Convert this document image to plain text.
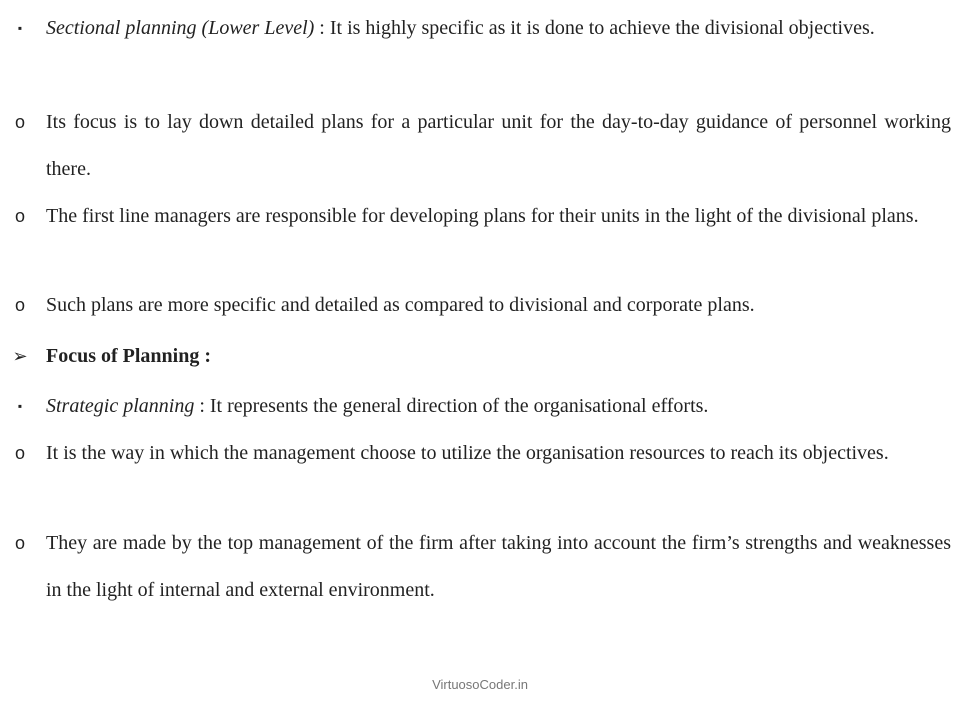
▪	Sectional planning (Lower Level) : It is highly specific as it is done to achieve the divisional objectives.
o Its focus is to lay down detailed plans for a particular unit for the day-to-day guidance of personnel working there.
o The first line managers are responsible for developing plans for their units in the light of the divisional plans.
o Such plans are more specific and detailed as compared to divisional and corporate plans.
➢ Focus of Planning :
▪	Strategic planning : It represents the general direction of the organisational efforts.
o It is the way in which the management choose to utilize the organisation resources to reach its objectives.
o They are made by the top management of the firm after taking into account the firm’s strengths and weaknesses in the light of internal and external environment.
VirtuosoCoder.in
